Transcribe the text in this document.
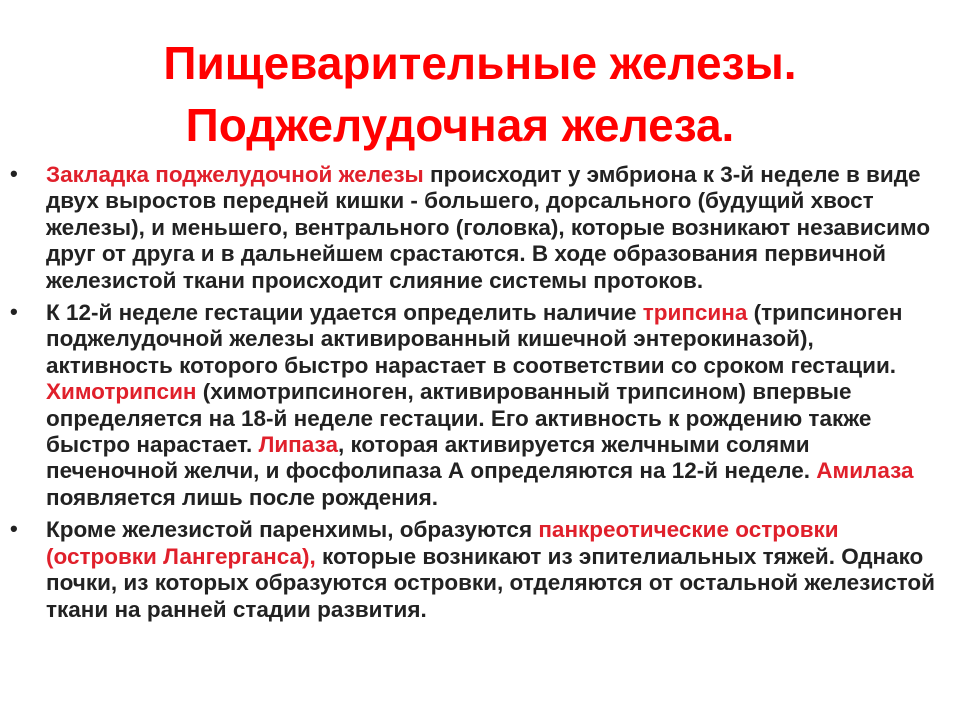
Пищеварительные железы.
Поджелудочная железа.
• Закладка поджелудочной железы происходит у эмбриона к 3-й неделе в виде двух выростов передней кишки - большего, дорсального (будущий хвост железы), и меньшего, вентрального (головка), которые возникают независимо друг от друга и в дальнейшем срастаются. В ходе образования первичной железистой ткани происходит слияние системы протоков.
• К 12-й неделе гестации удается определить наличие трипсина (трипсиноген поджелудочной железы активированный кишечной энтерокиназой), активность которого быстро нарастает в соответствии со сроком гестации. Химотрипсин (химотрипсиноген, активированный трипсином) впервые определяется на 18-й неделе гестации. Его активность к рождению также быстро нарастает. Липаза, которая активируется желчными солями печеночной желчи, и фосфолипаза А определяются на 12-й неделе. Амилаза появляется лишь после рождения.
• Кроме железистой паренхимы, образуются панкреотические островки (островки Лангерганса), которые возникают из эпителиальных тяжей. Однако почки, из которых образуются островки, отделяются от остальной железистой ткани на ранней стадии развития.
